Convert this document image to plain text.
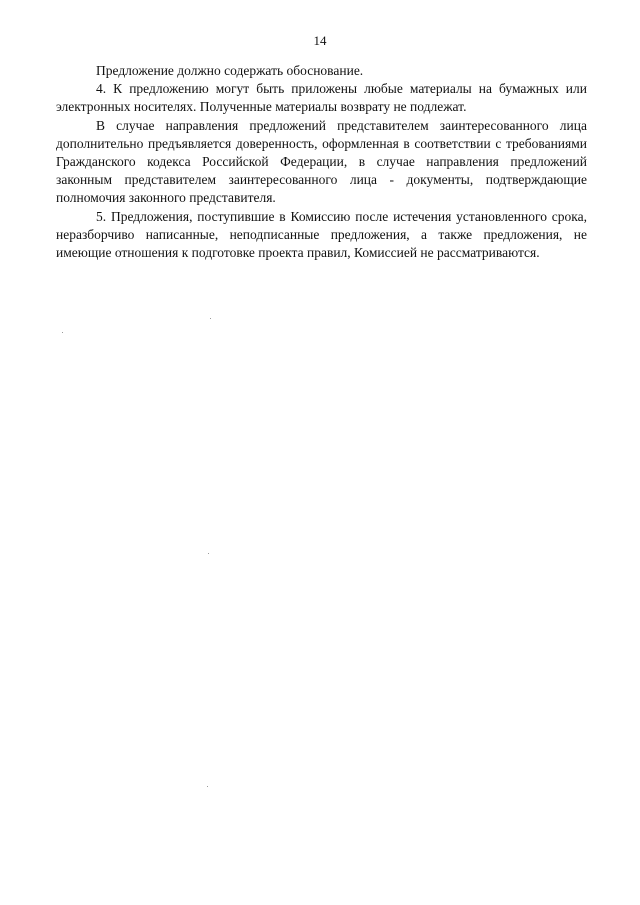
14

Предложение должно содержать обоснование.

4. К предложению могут быть приложены любые материалы на бумажных или электронных носителях. Полученные материалы возврату не подлежат.

В случае направления предложений представителем заинтересованного лица дополнительно предъявляется доверенность, оформленная в соответствии с требованиями Гражданского кодекса Российской Федерации, в случае направления предложений законным представителем заинтересованного лица - документы, подтверждающие полномочия законного представителя.

5. Предложения, поступившие в Комиссию после истечения установленного срока, неразборчиво написанные, неподписанные предложения, а также предложения, не имеющие отношения к подготовке проекта правил, Комиссией не рассматриваются.
